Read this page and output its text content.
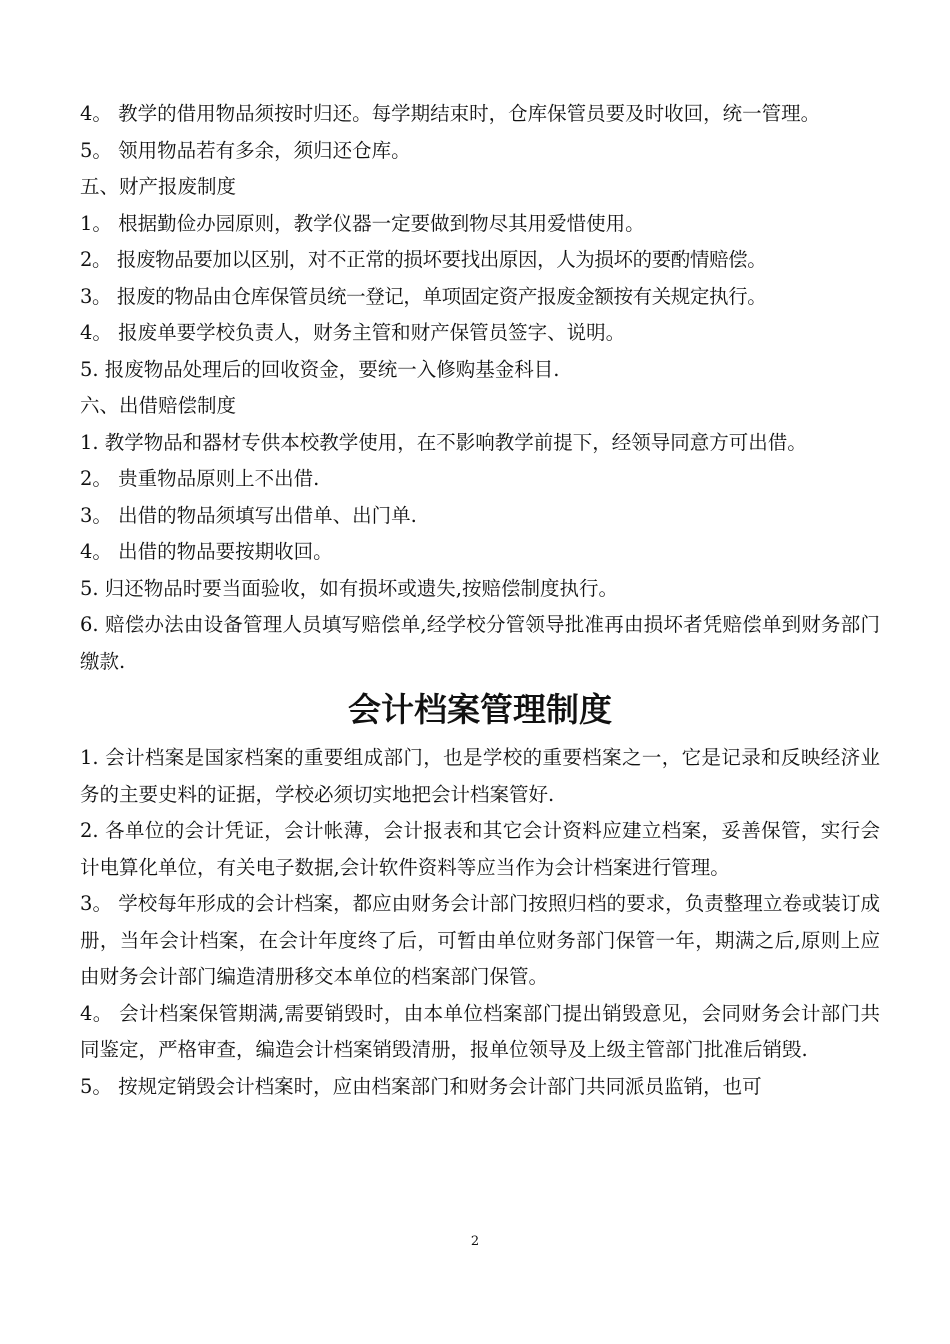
4。 教学的借用物品须按时归还。每学期结束时，仓库保管员要及时收回，统一管理。

5。 领用物品若有多余，须归还仓库。

五、财产报废制度

1。 根据勤俭办园原则，教学仪器一定要做到物尽其用爱惜使用。

2。 报废物品要加以区别，对不正常的损坏要找出原因，人为损坏的要酌情赔偿。

3。 报废的物品由仓库保管员统一登记，单项固定资产报废金额按有关规定执行。

4。 报废单要学校负责人，财务主管和财产保管员签字、说明。

5. 报废物品处理后的回收资金，要统一入修购基金科目.

六、出借赔偿制度

1. 教学物品和器材专供本校教学使用，在不影响教学前提下，经领导同意方可出借。

2。 贵重物品原则上不出借.

3。 出借的物品须填写出借单、出门单.

4。 出借的物品要按期收回。

5. 归还物品时要当面验收，如有损坏或遗失,按赔偿制度执行。

6. 赔偿办法由设备管理人员填写赔偿单,经学校分管领导批准再由损坏者凭赔偿单到财务部门缴款.

会计档案管理制度

1. 会计档案是国家档案的重要组成部门，也是学校的重要档案之一，它是记录和反映经济业务的主要史料的证据，学校必须切实地把会计档案管好.

2. 各单位的会计凭证，会计帐薄，会计报表和其它会计资料应建立档案，妥善保管，实行会计电算化单位，有关电子数据,会计软件资料等应当作为会计档案进行管理。

3。 学校每年形成的会计档案，都应由财务会计部门按照归档的要求，负责整理立卷或装订成册，当年会计档案，在会计年度终了后，可暂由单位财务部门保管一年，期满之后,原则上应由财务会计部门编造清册移交本单位的档案部门保管。

4。 会计档案保管期满,需要销毁时，由本单位档案部门提出销毁意见，会同财务会计部门共同鉴定，严格审查，编造会计档案销毁清册，报单位领导及上级主管部门批准后销毁.

5。 按规定销毁会计档案时，应由档案部门和财务会计部门共同派员监销，也可

2
